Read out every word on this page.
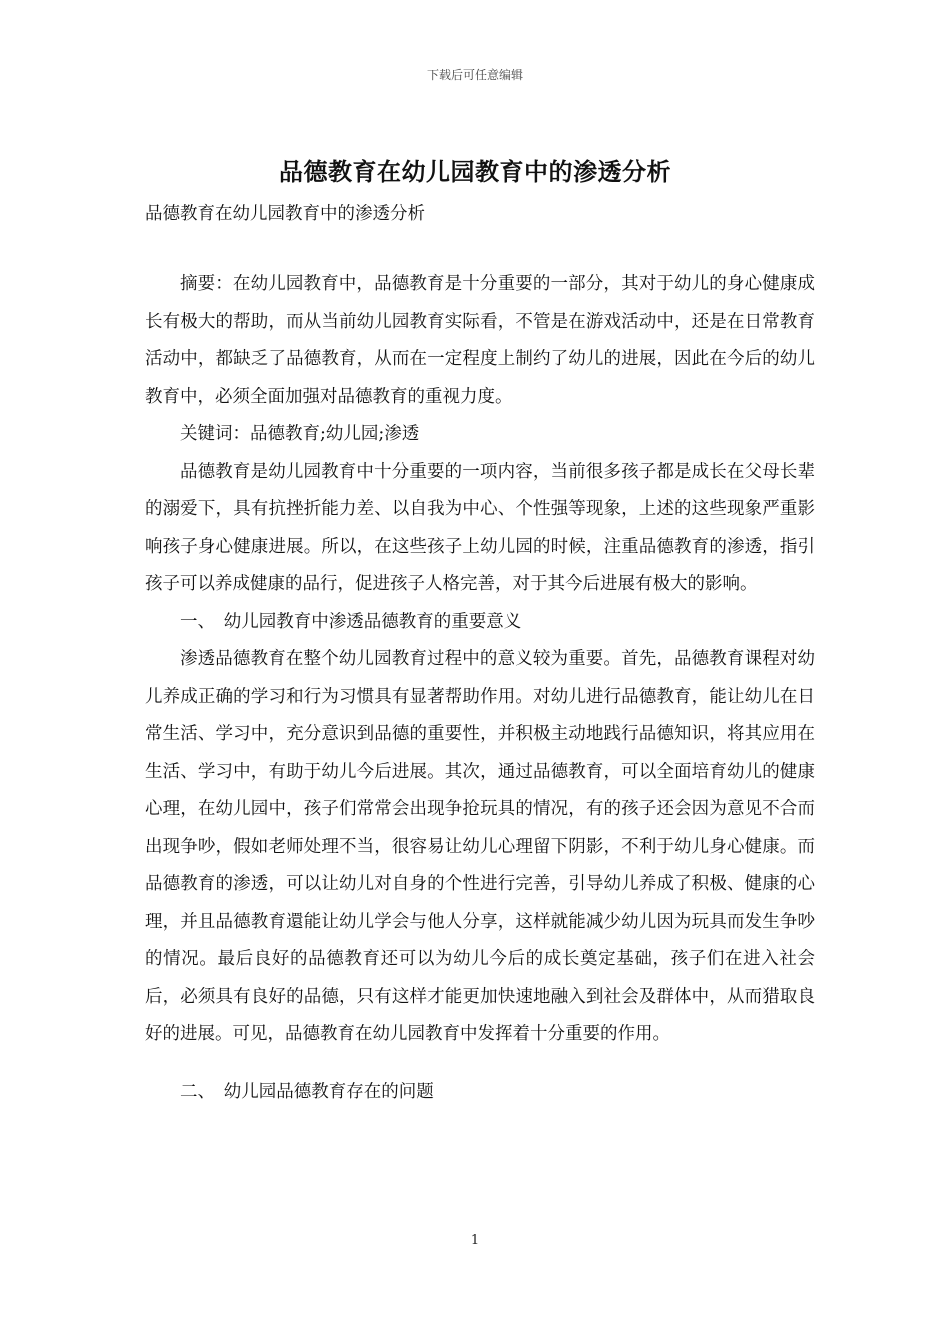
下载后可任意编辑
品德教育在幼儿园教育中的渗透分析
品德教育在幼儿园教育中的渗透分析

摘要：在幼儿园教育中，品德教育是十分重要的一部分，其对于幼儿的身心健康成长有极大的帮助，而从当前幼儿园教育实际看，不管是在游戏活动中，还是在日常教育活动中，都缺乏了品德教育，从而在一定程度上制约了幼儿的进展，因此在今后的幼儿教育中，必须全面加强对品德教育的重视力度。

关键词：品德教育;幼儿园;渗透

品德教育是幼儿园教育中十分重要的一项内容，当前很多孩子都是成长在父母长辈的溺爱下，具有抗挫折能力差、以自我为中心、个性强等现象，上述的这些现象严重影响孩子身心健康进展。所以，在这些孩子上幼儿园的时候，注重品德教育的渗透，指引孩子可以养成健康的品行，促进孩子人格完善，对于其今后进展有极大的影响。

一、　幼儿园教育中渗透品德教育的重要意义

渗透品德教育在整个幼儿园教育过程中的意义较为重要。首先，品德教育课程对幼儿养成正确的学习和行为习惯具有显著帮助作用。对幼儿进行品德教育，能让幼儿在日常生活、学习中，充分意识到品德的重要性，并积极主动地践行品德知识，将其应用在生活、学习中，有助于幼儿今后进展。其次，通过品德教育，可以全面培育幼儿的健康心理，在幼儿园中，孩子们常常会出现争抢玩具的情况，有的孩子还会因为意见不合而出现争吵，假如老师处理不当，很容易让幼儿心理留下阴影，不利于幼儿身心健康。而品德教育的渗透，可以让幼儿对自身的个性进行完善，引导幼儿养成了积极、健康的心理，并且品德教育還能让幼儿学会与他人分享，这样就能减少幼儿因为玩具而发生争吵的情况。最后良好的品德教育还可以为幼儿今后的成长奠定基础，孩子们在进入社会后，必须具有良好的品德，只有这样才能更加快速地融入到社会及群体中，从而猎取良好的进展。可见，品德教育在幼儿园教育中发挥着十分重要的作用。

二、　幼儿园品德教育存在的问题

1
